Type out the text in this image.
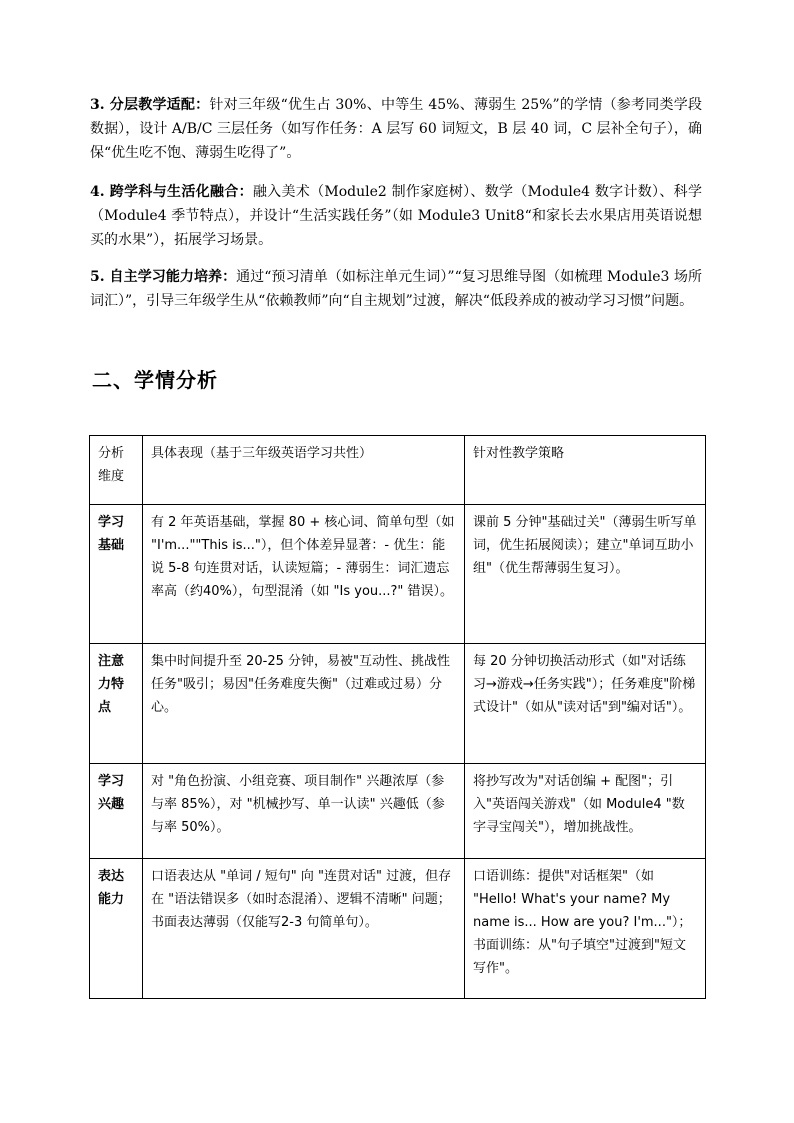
3. 分层教学适配：针对三年级“优生占 30%、中等生 45%、薄弱生 25%”的学情（参考同类学段数据），设计 A/B/C 三层任务（如写作任务：A 层写 60 词短文，B 层 40 词，C 层补全句子），确保“优生吃不饱、薄弱生吃得了”。
4. 跨学科与生活化融合：融入美术（Module2 制作家庭树）、数学（Module4 数字计数）、科学（Module4 季节特点），并设计“生活实践任务”（如 Module3 Unit8“和家长去水果店用英语说想买的水果”），拓展学习场景。
5. 自主学习能力培养：通过“预习清单（如标注单元生词）”“复习思维导图（如梳理 Module3 场所词汇）”，引导三年级学生从“依赖教师”向“自主规划”过渡，解决“低段养成的被动学习习惯”问题。
二、学情分析
分析维度	具体表现（基于三年级英语学习共性）	针对性教学策略
学习基础	有 2 年英语基础，掌握 80 + 核心词、简单句型（如 "I'm...""This is..."），但个体差异显著：- 优生：能说 5-8 句连贯对话，认读短篇；- 薄弱生：词汇遗忘率高（约40%），句型混淆（如 "Is you...?" 错误）。	课前 5 分钟"基础过关"（薄弱生听写单词，优生拓展阅读）；建立"单词互助小组"（优生帮薄弱生复习）。
注意力特点	集中时间提升至 20-25 分钟，易被"互动性、挑战性任务"吸引；易因"任务难度失衡"（过难或过易）分心。	每 20 分钟切换活动形式（如"对话练习→游戏→任务实践"）；任务难度"阶梯式设计"（如从"读对话"到"编对话"）。
学习兴趣	对 "角色扮演、小组竞赛、项目制作" 兴趣浓厚（参与率 85%），对 "机械抄写、单一认读" 兴趣低（参与率 50%）。	将抄写改为"对话创编 + 配图"；引入"英语闯关游戏"（如 Module4 "数字寻宝闯关"），增加挑战性。
表达能力	口语表达从 "单词 / 短句" 向 "连贯对话" 过渡，但存在 "语法错误多（如时态混淆）、逻辑不清晰" 问题；书面表达薄弱（仅能写2-3 句简单句）。	口语训练：提供"对话框架"（如 "Hello! What's your name? My name is... How are you? I'm..."）；书面训练：从"句子填空"过渡到"短文写作"。
